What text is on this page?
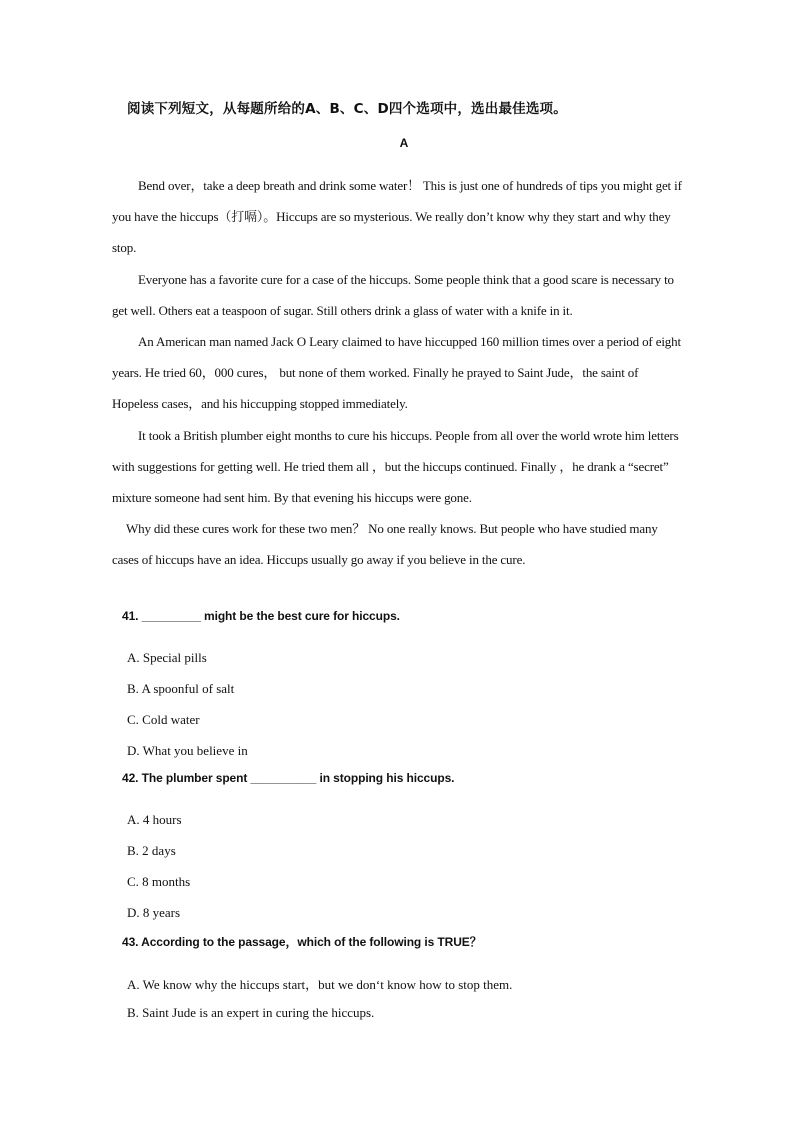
阅读下列短文，从每题所给的A、B、C、D四个选项中，选出最佳选项。
A

Bend over，take a deep breath and drink some water！ This is just one of hundreds of tips you might get if you have the hiccups（打嗝）。Hiccups are so mysterious. We really don’t know why they start and why they stop.

Everyone has a favorite cure for a case of the hiccups. Some people think that a good scare is necessary to get well. Others eat a teaspoon of sugar. Still others drink a glass of water with a knife in it.

An American man named Jack O Leary claimed to have hiccupped 160 million times over a period of eight years. He tried 60，000 cures， but none of them worked. Finally he prayed to Saint Jude，the saint of Hopeless cases，and his hiccupping stopped immediately.

It took a British plumber eight months to cure his hiccups. People from all over the world wrote him letters with suggestions for getting well. He tried them all ，but the hiccups continued. Finally ，he drank a “secret” mixture someone had sent him. By that evening his hiccups were gone.

Why did these cures work for these two men？ No one really knows. But people who have studied many cases of hiccups have an idea. Hiccups usually go away if you believe in the cure.

41. _________ might be the best cure for hiccups.
A. Special pills
B. A spoonful of salt
C. Cold water
D. What you believe in
42. The plumber spent __________ in stopping his hiccups.
A. 4 hours
B. 2 days
C. 8 months
D. 8 years
43. According to the passage，which of the following is TRUE？
A. We know why the hiccups start，but we don‘t know how to stop them.
B. Saint Jude is an expert in curing the hiccups.
